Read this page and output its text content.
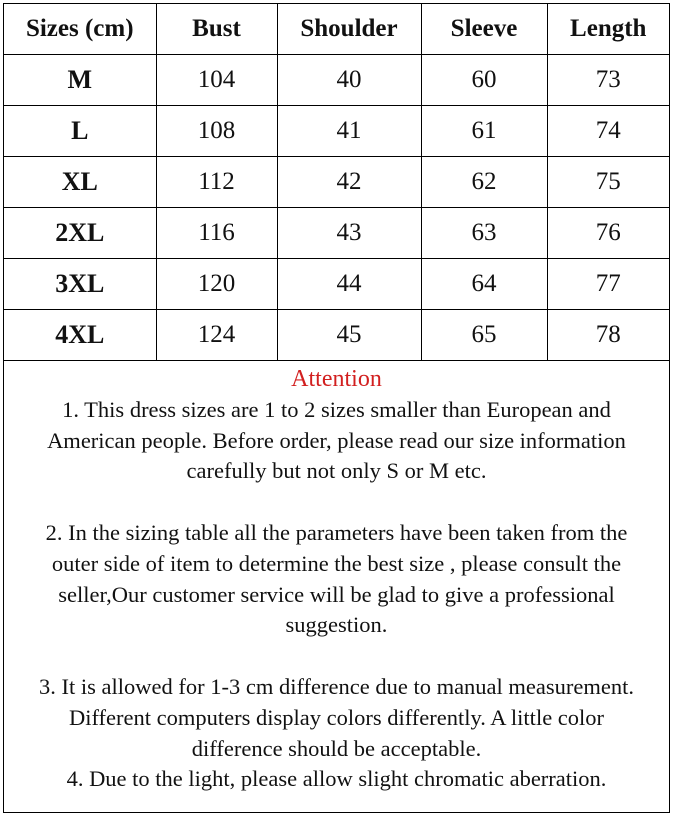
Sizes (cm)	Bust	Shoulder	Sleeve	Length
M	104	40	60	73
L	108	41	61	74
XL	112	42	62	75
2XL	116	43	63	76
3XL	120	44	64	77
4XL	124	45	65	78

Attention

1. This dress sizes are 1 to 2 sizes smaller than European and

American people. Before order, please read our size information

carefully but not only S or M etc.

2. In the sizing table all the parameters have been taken from the

outer side of item to determine the best size , please consult the

seller,Our customer service will be glad to give a professional

suggestion.

3. It is allowed for 1-3 cm difference due to manual measurement.

Different computers display colors differently. A little color

difference should be acceptable.

4. Due to the light, please allow slight chromatic aberration.
